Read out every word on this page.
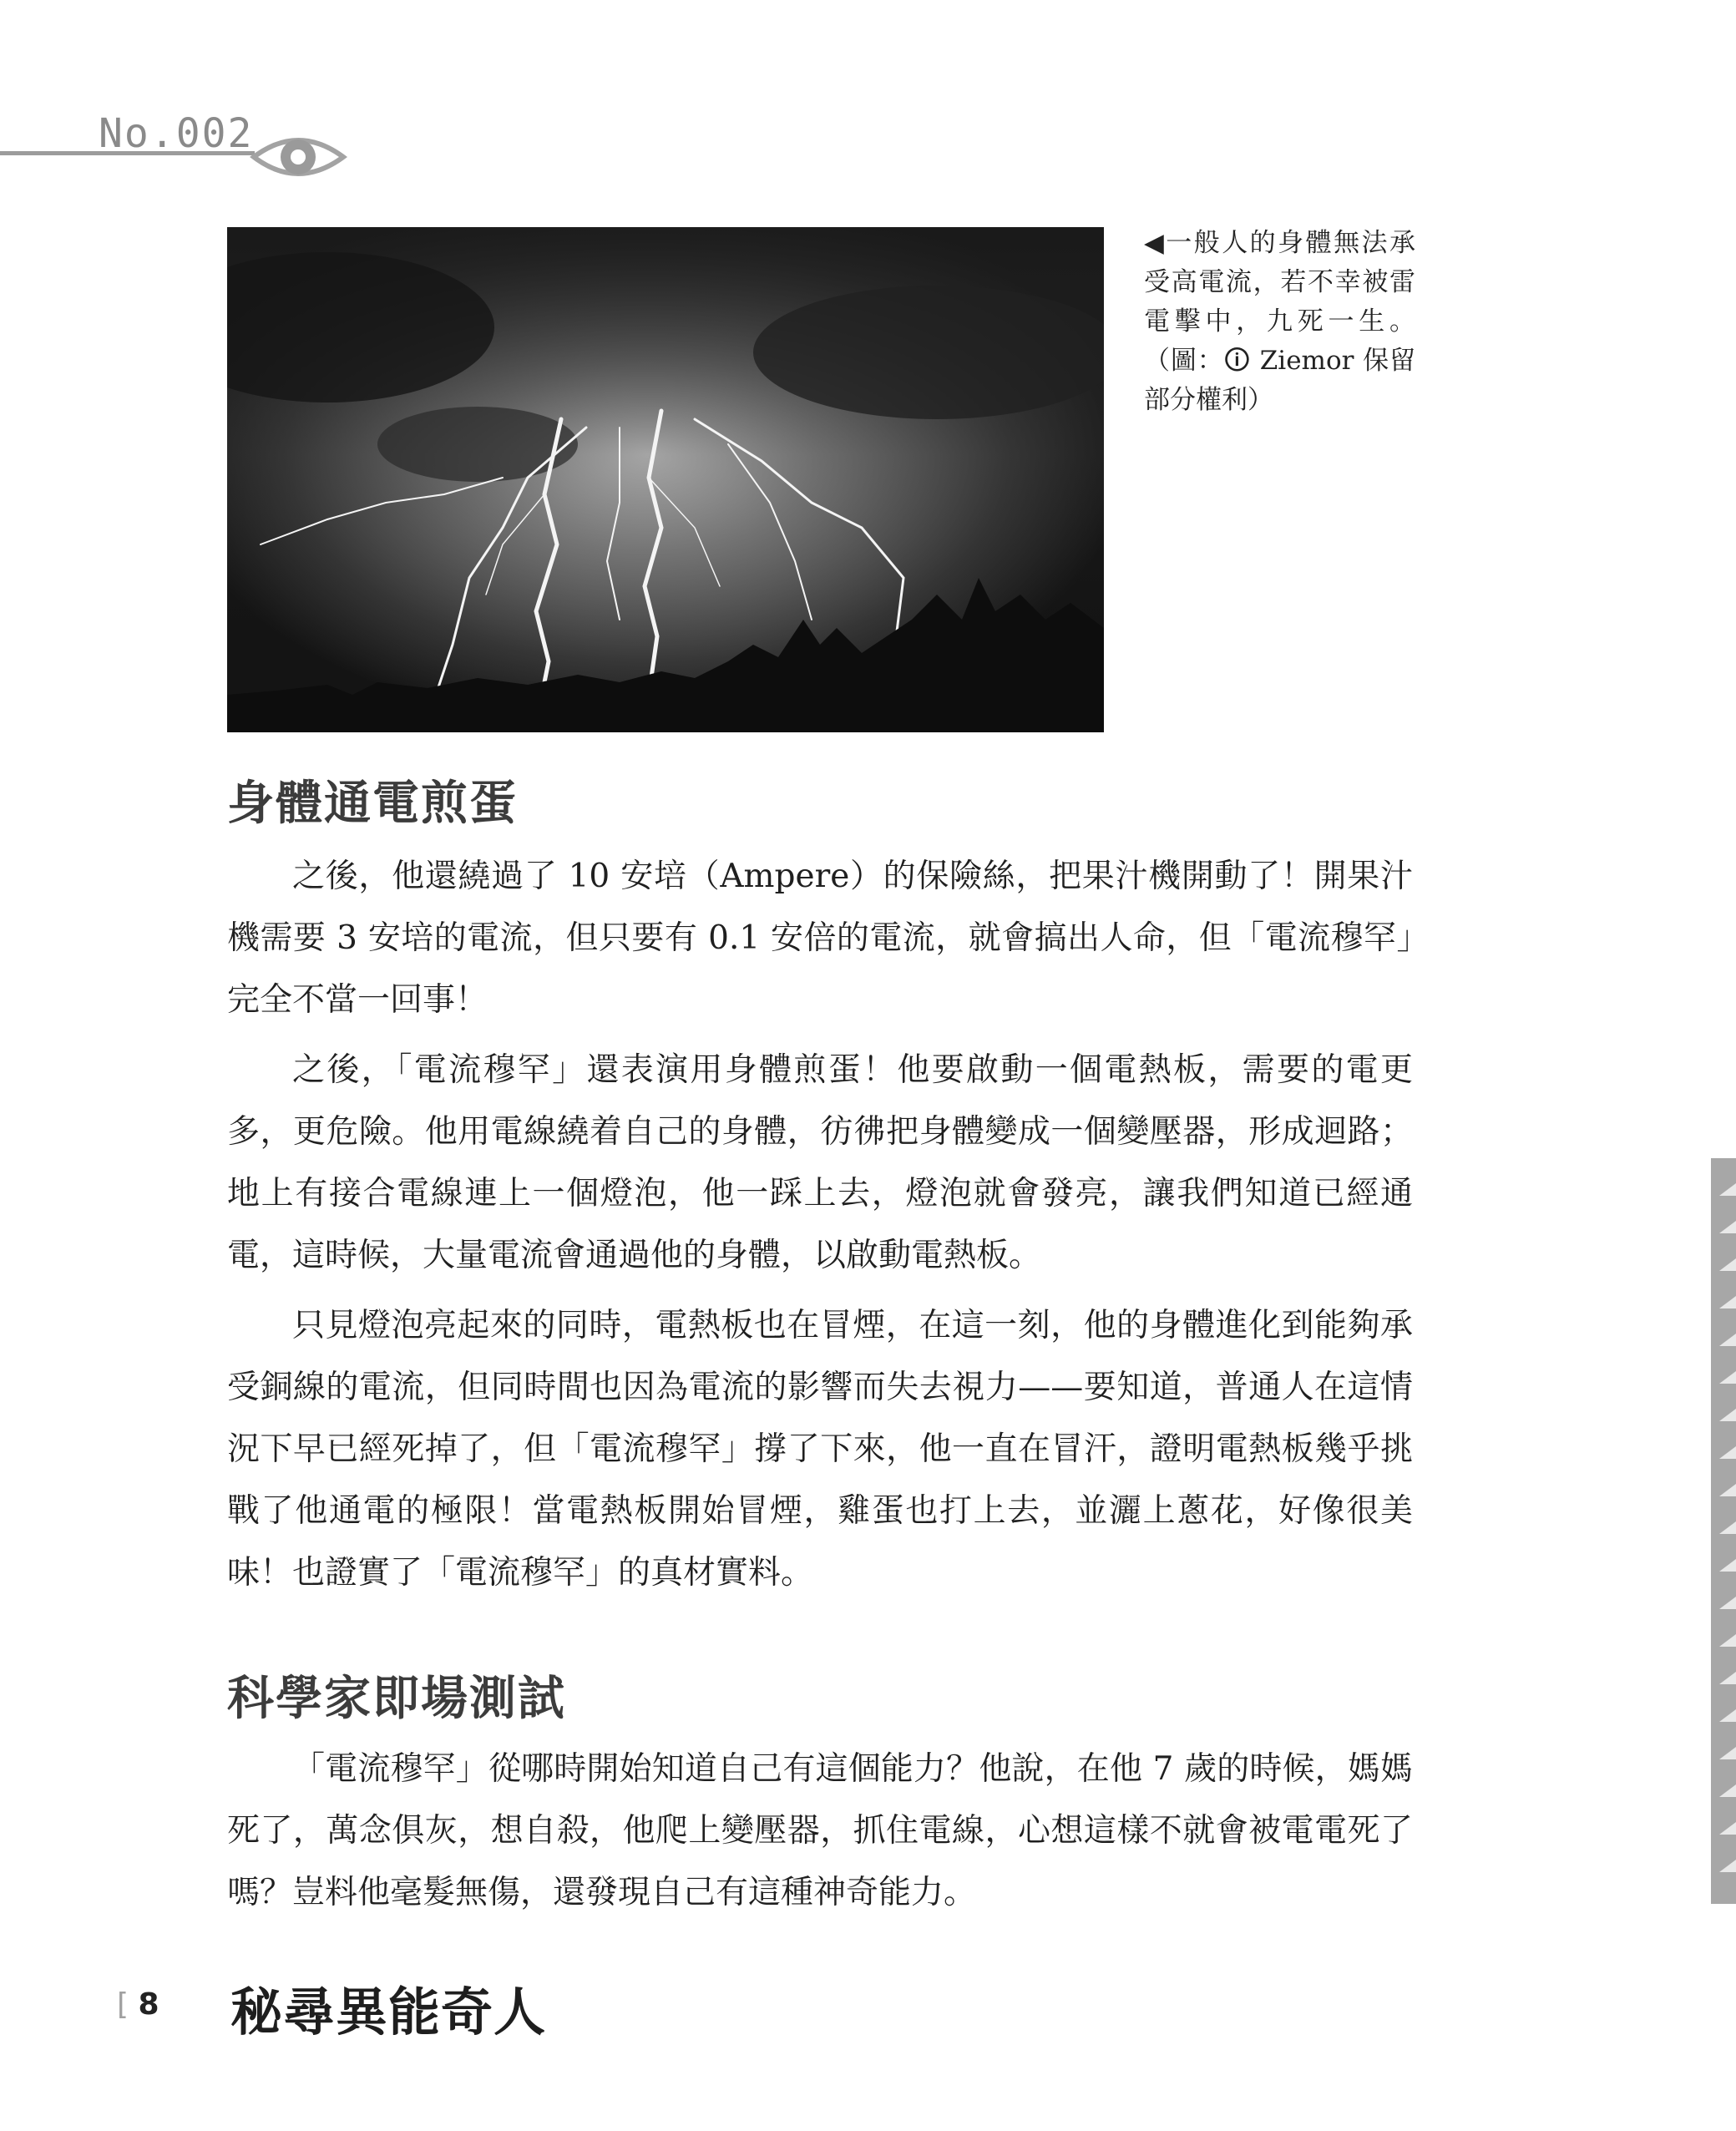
No.002
◀一般人的身體無法承受高電流，若不幸被雷電擊中，九死一生。（圖：🛈 Ziemor 保留部分權利）
身體通電煎蛋

之後，他還繞過了 10 安培（Ampere）的保險絲，把果汁機開動了！開果汁機需要 3 安培的電流，但只要有 0.1 安倍的電流，就會搞出人命，但「電流穆罕」完全不當一回事！

之後，「電流穆罕」還表演用身體煎蛋！他要啟動一個電熱板，需要的電更多，更危險。他用電線繞着自己的身體，彷彿把身體變成一個變壓器，形成迴路；地上有接合電線連上一個燈泡，他一踩上去，燈泡就會發亮，讓我們知道已經通電，這時候，大量電流會通過他的身體，以啟動電熱板。

只見燈泡亮起來的同時，電熱板也在冒煙，在這一刻，他的身體進化到能夠承受銅線的電流，但同時間也因為電流的影響而失去視力——要知道，普通人在這情況下早已經死掉了，但「電流穆罕」撐了下來，他一直在冒汗，證明電熱板幾乎挑戰了他通電的極限！當電熱板開始冒煙，雞蛋也打上去，並灑上蔥花，好像很美味！也證實了「電流穆罕」的真材實料。

科學家即場測試

「電流穆罕」從哪時開始知道自己有這個能力？他說，在他 7 歲的時候，媽媽死了，萬念俱灰，想自殺，他爬上變壓器，抓住電線，心想這樣不就會被電電死了嗎？豈料他毫髮無傷，還發現自己有這種神奇能力。

[ 8        ]
秘尋異能奇人
